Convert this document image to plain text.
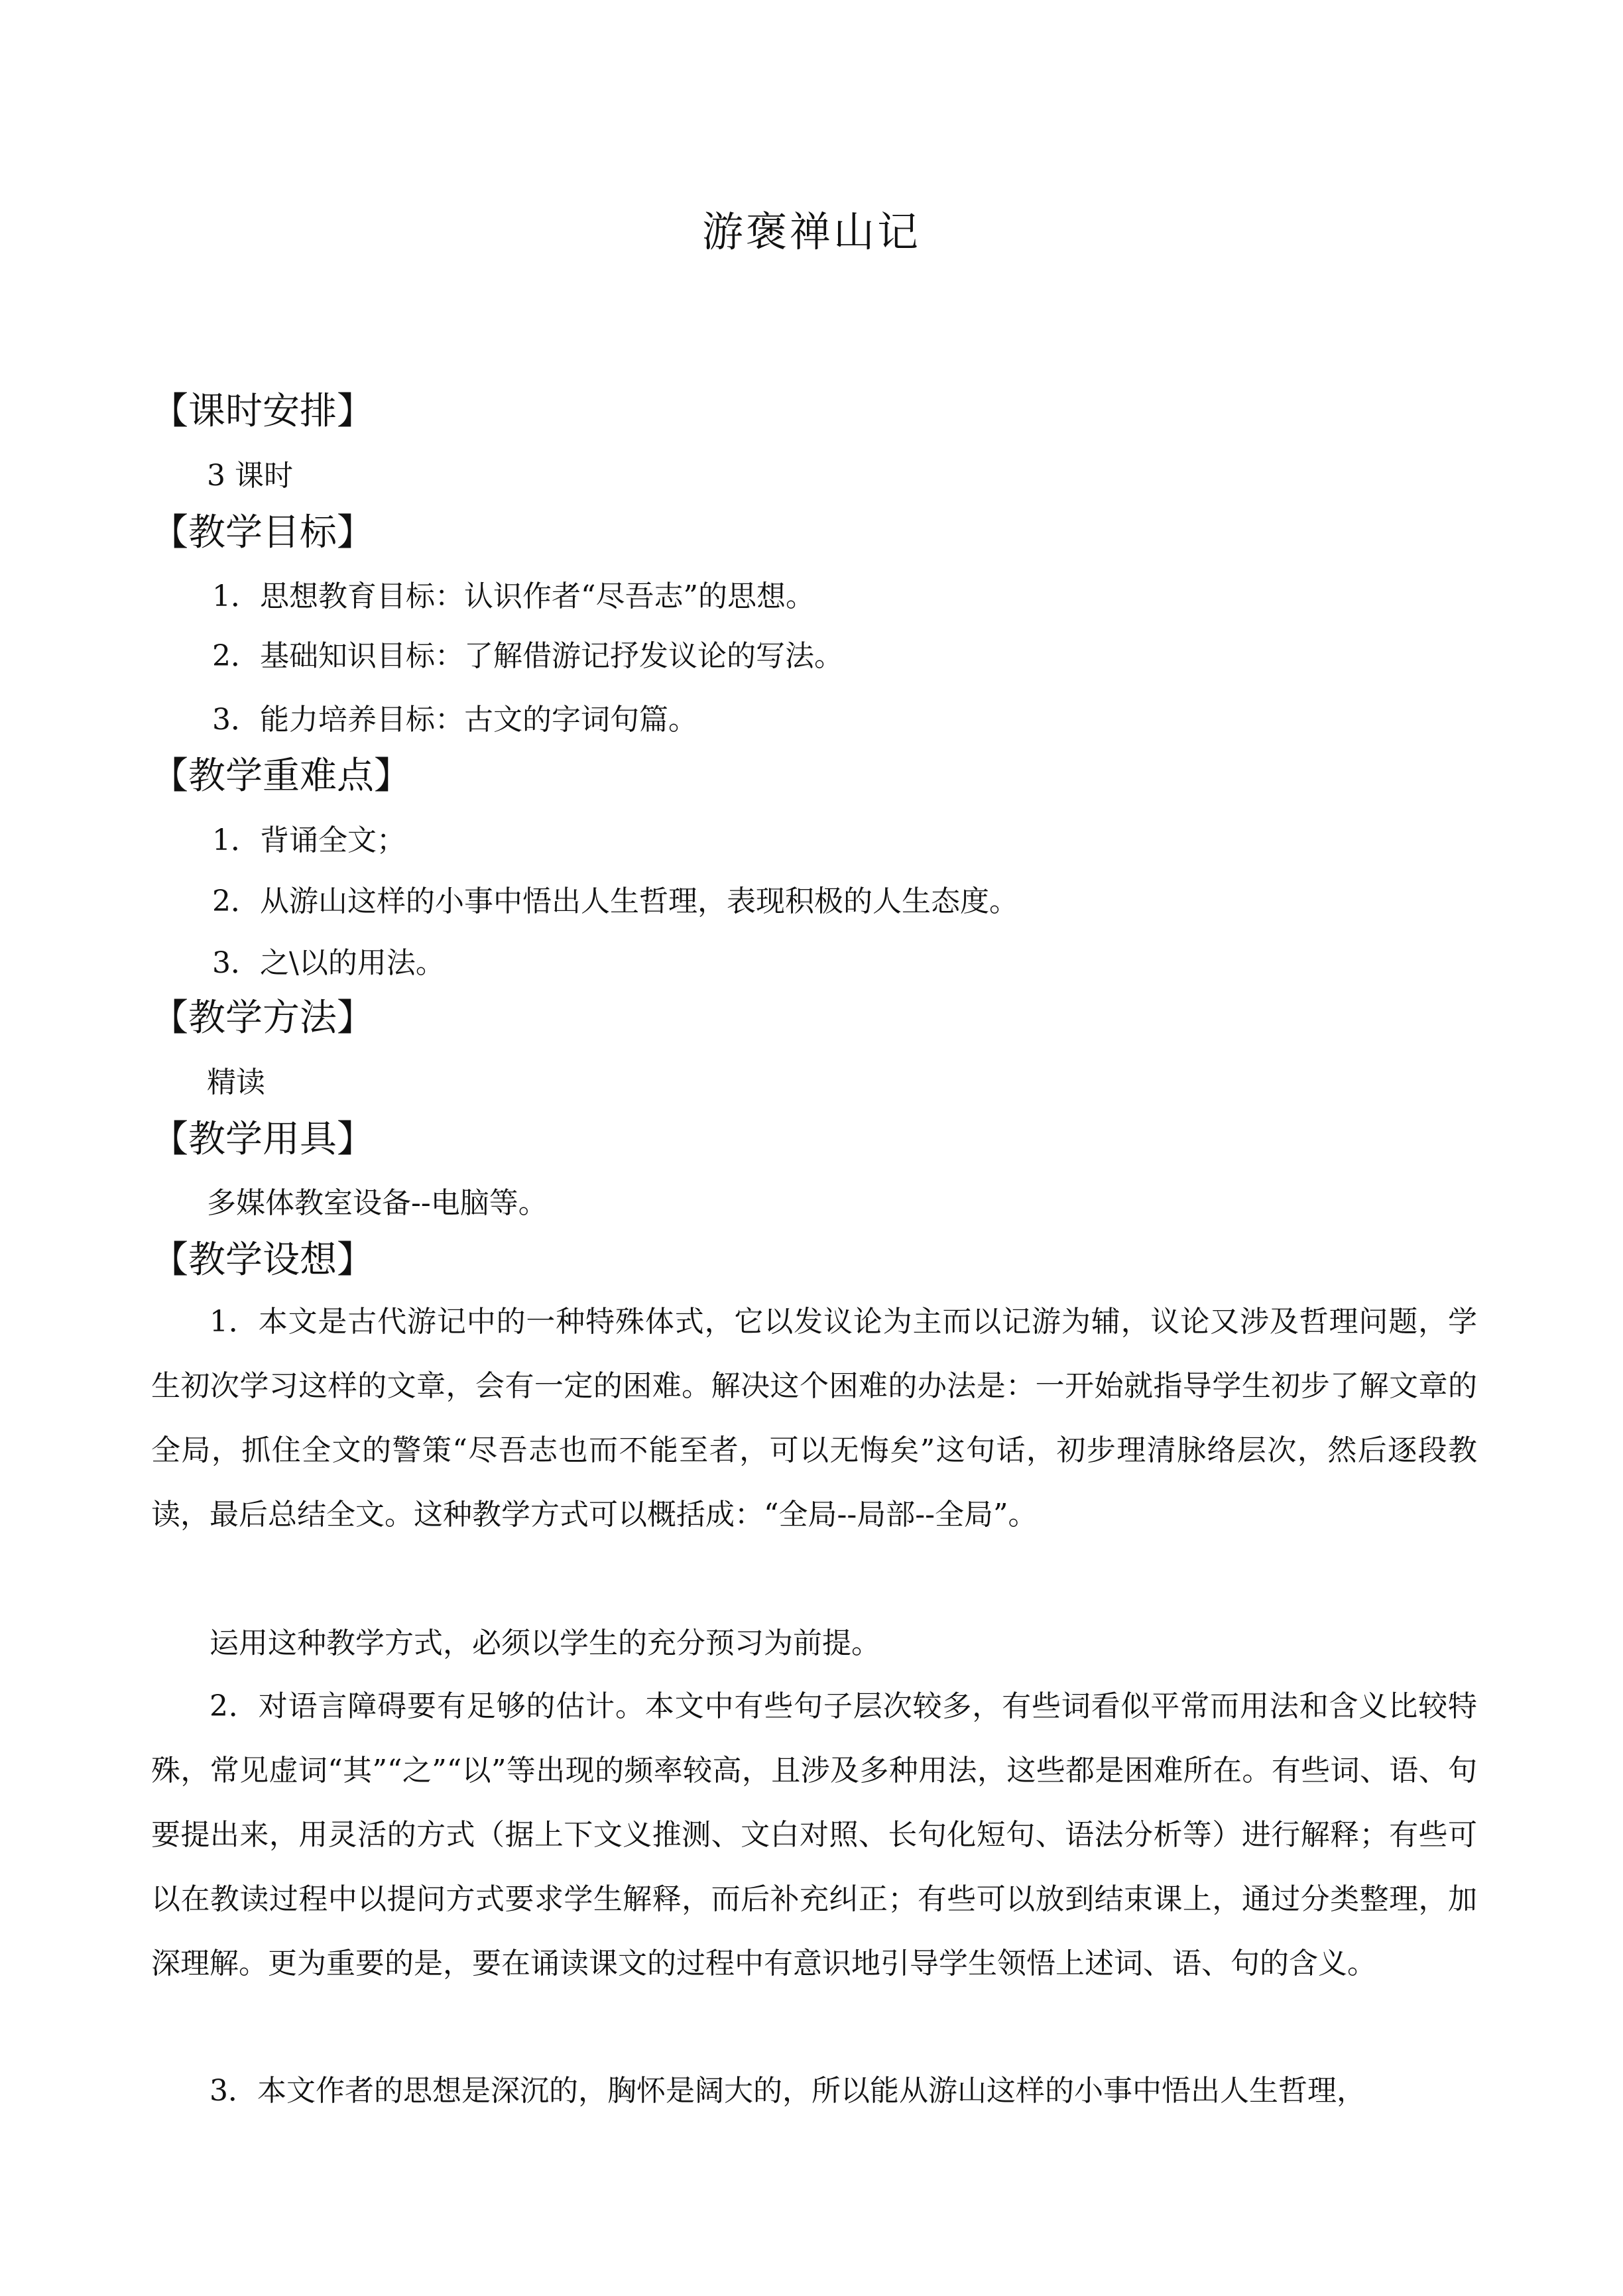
游褒禅山记
【课时安排】
3 课时
【教学目标】
1．思想教育目标：认识作者“尽吾志”的思想。
2．基础知识目标：了解借游记抒发议论的写法。
3．能力培养目标：古文的字词句篇。
【教学重难点】
1．背诵全文；
2．从游山这样的小事中悟出人生哲理，表现积极的人生态度。
3．之\以的用法。
【教学方法】
精读
【教学用具】
多媒体教室设备--电脑等。
【教学设想】

1．本文是古代游记中的一种特殊体式，它以发议论为主而以记游为辅，议论又涉及哲理问题，学生初次学习这样的文章，会有一定的困难。解决这个困难的办法是：一开始就指导学生初步了解文章的全局，抓住全文的警策“尽吾志也而不能至者，可以无悔矣”这句话，初步理清脉络层次，然后逐段教读，最后总结全文。这种教学方式可以概括成：“全局--局部--全局”。

运用这种教学方式，必须以学生的充分预习为前提。

2．对语言障碍要有足够的估计。本文中有些句子层次较多，有些词看似平常而用法和含义比较特殊，常见虚词“其”“之”“以”等出现的频率较高，且涉及多种用法，这些都是困难所在。有些词、语、句要提出来，用灵活的方式（据上下文义推测、文白对照、长句化短句、语法分析等）进行解释；有些可以在教读过程中以提问方式要求学生解释，而后补充纠正；有些可以放到结束课上，通过分类整理，加深理解。更为重要的是，要在诵读课文的过程中有意识地引导学生领悟上述词、语、句的含义。

3．本文作者的思想是深沉的，胸怀是阔大的，所以能从游山这样的小事中悟出人生哲理，
